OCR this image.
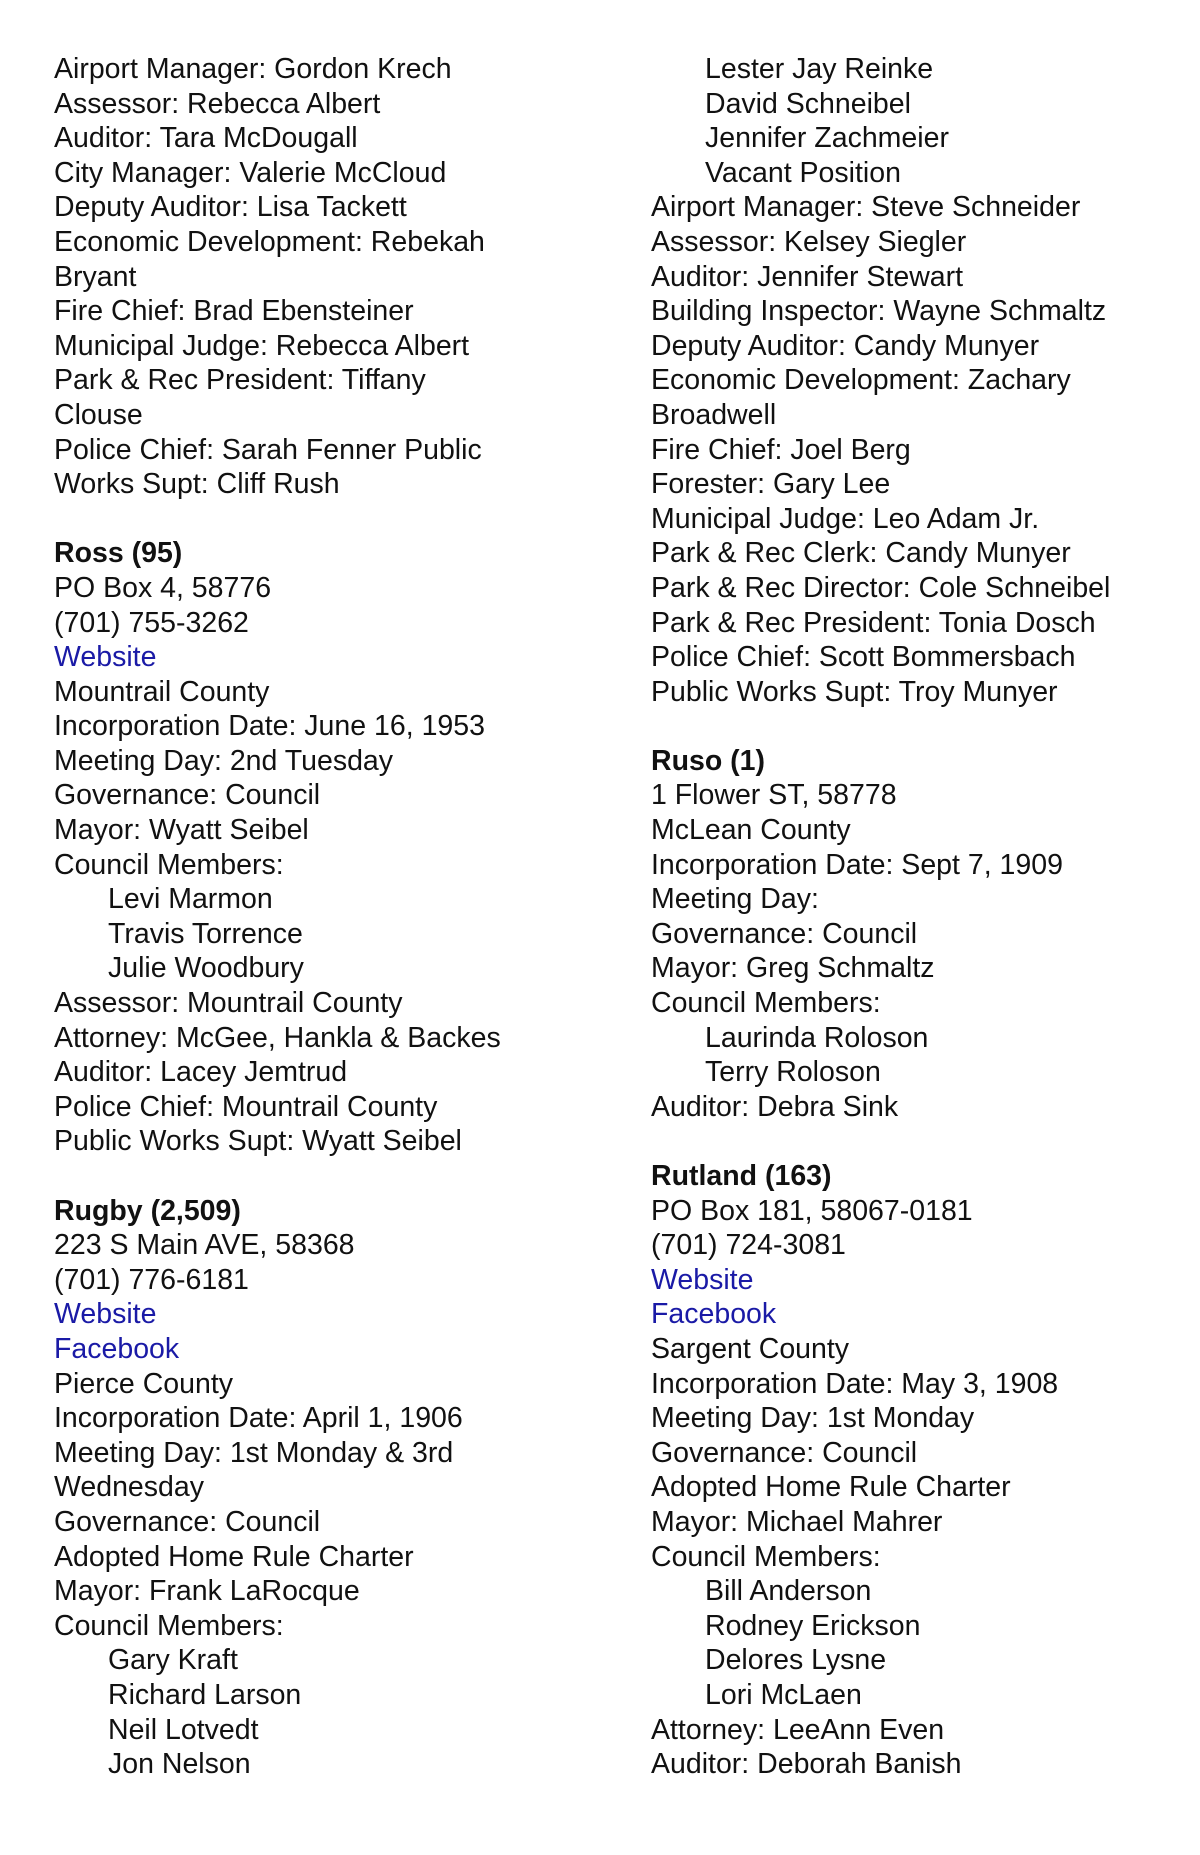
Airport Manager: Gordon Krech
Assessor: Rebecca Albert
Auditor: Tara McDougall
City Manager: Valerie McCloud
Deputy Auditor: Lisa Tackett
Economic Development: Rebekah
Bryant
Fire Chief: Brad Ebensteiner
Municipal Judge: Rebecca Albert
Park & Rec President: Tiffany
Clouse
Police Chief: Sarah Fenner Public
Works Supt: Cliff Rush
Ross (95)
PO Box 4, 58776
(701) 755-3262
Website
Mountrail County
Incorporation Date: June 16, 1953
Meeting Day: 2nd Tuesday
Governance: Council
Mayor: Wyatt Seibel
Council Members:
Levi Marmon
Travis Torrence
Julie Woodbury
Assessor: Mountrail County
Attorney: McGee, Hankla & Backes
Auditor: Lacey Jemtrud
Police Chief: Mountrail County
Public Works Supt: Wyatt Seibel
Rugby (2,509)
223 S Main AVE, 58368
(701) 776-6181
Website
Facebook
Pierce County
Incorporation Date: April 1, 1906
Meeting Day: 1st Monday & 3rd
Wednesday
Governance: Council
Adopted Home Rule Charter
Mayor: Frank LaRocque
Council Members:
Gary Kraft
Richard Larson
Neil Lotvedt
Jon Nelson
Lester Jay Reinke
David Schneibel
Jennifer Zachmeier
Vacant Position
Airport Manager: Steve Schneider
Assessor: Kelsey Siegler
Auditor: Jennifer Stewart
Building Inspector: Wayne Schmaltz
Deputy Auditor: Candy Munyer
Economic Development: Zachary
Broadwell
Fire Chief: Joel Berg
Forester: Gary Lee
Municipal Judge: Leo Adam Jr.
Park & Rec Clerk: Candy Munyer
Park & Rec Director: Cole Schneibel
Park & Rec President: Tonia Dosch
Police Chief: Scott Bommersbach
Public Works Supt: Troy Munyer
Ruso (1)
1 Flower ST, 58778
McLean County
Incorporation Date: Sept 7, 1909
Meeting Day:
Governance: Council
Mayor: Greg Schmaltz
Council Members:
Laurinda Roloson
Terry Roloson
Auditor: Debra Sink
Rutland (163)
PO Box 181, 58067-0181
(701) 724-3081
Website
Facebook
Sargent County
Incorporation Date: May 3, 1908
Meeting Day: 1st Monday
Governance: Council
Adopted Home Rule Charter
Mayor: Michael Mahrer
Council Members:
Bill Anderson
Rodney Erickson
Delores Lysne
Lori McLaen
Attorney: LeeAnn Even
Auditor: Deborah Banish
